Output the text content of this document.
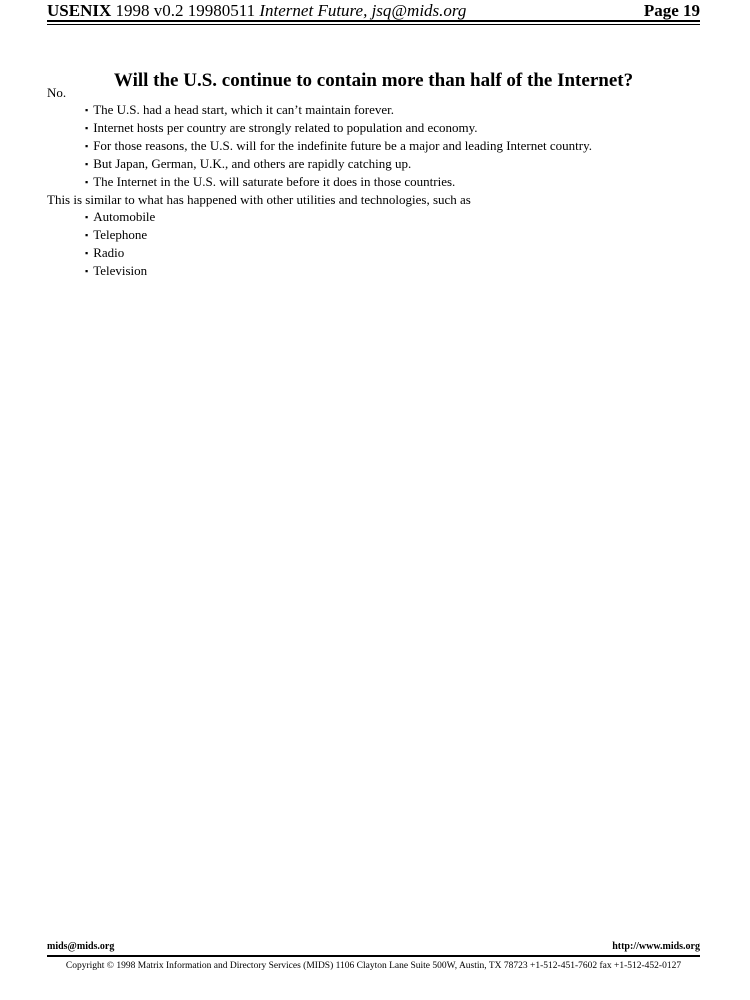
USENIX 1998 v0.2 19980511 Internet Future, jsq@mids.org	Page 19
Will the U.S. continue to contain more than half of the Internet?

No.

▪ The U.S. had a head start, which it can’t maintain forever.
▪ Internet hosts per country are strongly related to population and economy.
▪ For those reasons, the U.S. will for the indefinite future be a major and leading Internet country.
▪ But Japan, German, U.K., and others are rapidly catching up.
▪ The Internet in the U.S. will saturate before it does in those countries.

This is similar to what has happened with other utilities and technologies, such as

▪ Automobile
▪ Telephone
▪ Radio
▪ Television
mids@mids.org	http://www.mids.org
Copyright © 1998 Matrix Information and Directory Services (MIDS) 1106 Clayton Lane Suite 500W, Austin, TX 78723 +1-512-451-7602 fax +1-512-452-0127
